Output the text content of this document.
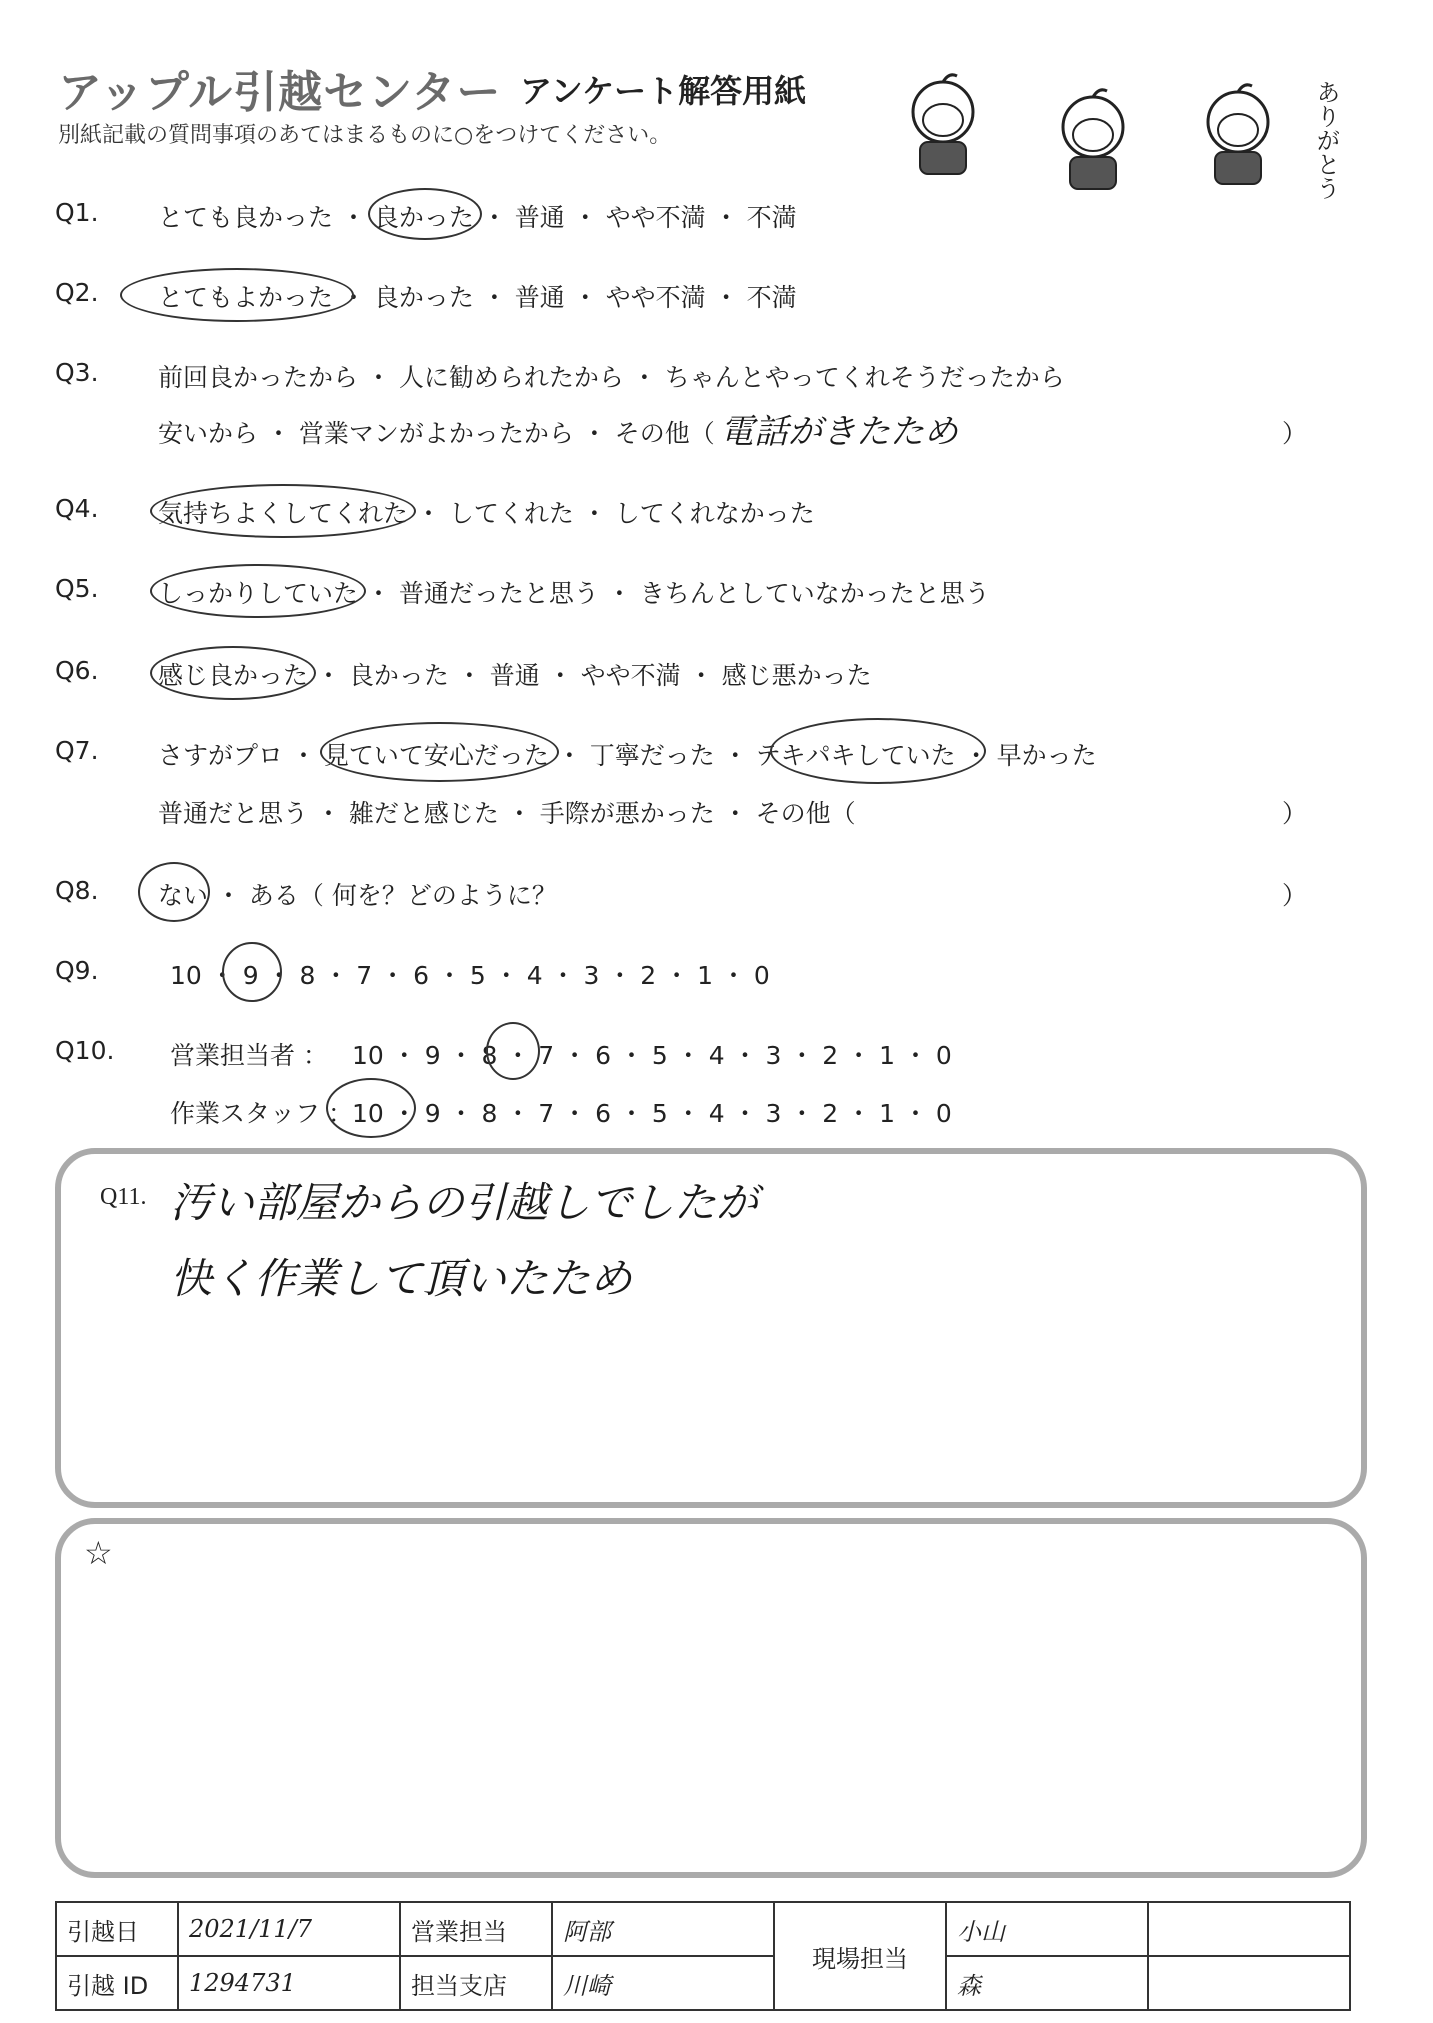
アップル引越センター アンケート解答用紙
別紙記載の質問事項のあてはまるものに○をつけてください。	ありがとう
Q1. とても良かった ・ 良かった ・ 普通 ・ やや不満 ・ 不満
Q2. とてもよかった ・ 良かった ・ 普通 ・ やや不満 ・ 不満
Q3. 前回良かったから ・ 人に勧められたから ・ ちゃんとやってくれそうだったから
安いから ・ 営業マンがよかったから ・ その他（ 電話がきたため	）
Q4. 気持ちよくしてくれた ・ してくれた ・ してくれなかった
Q5. しっかりしていた ・ 普通だったと思う ・ きちんとしていなかったと思う
Q6. 感じ良かった ・ 良かった ・ 普通 ・ やや不満 ・ 感じ悪かった
Q7. さすがプロ ・ 見ていて安心だった ・ 丁寧だった ・ テキパキしていた ・ 早かった
普通だと思う ・ 雑だと感じた ・ 手際が悪かった ・ その他（	）
Q8. ない ・ ある（ 何を？どのように？	）
Q9.	10 ・ 9 ・ 8 ・ 7 ・ 6 ・ 5 ・ 4 ・ 3 ・ 2 ・ 1 ・ 0
Q10. 営業担当者 ： 10 ・ 9 ・ 8 ・ 7 ・ 6 ・ 5 ・ 4 ・ 3 ・ 2 ・ 1 ・ 0
作業スタッフ ： 10 ・ 9 ・ 8 ・ 7 ・ 6 ・ 5 ・ 4 ・ 3 ・ 2 ・ 1 ・ 0
Q11. 汚い部屋からの引越しでしたが
快く作業して頂いたため
☆
引越日	2021/11/7	営業担当	阿部	現場担当	小山	
引越 ID	1294731	担当支店	川崎		森	
